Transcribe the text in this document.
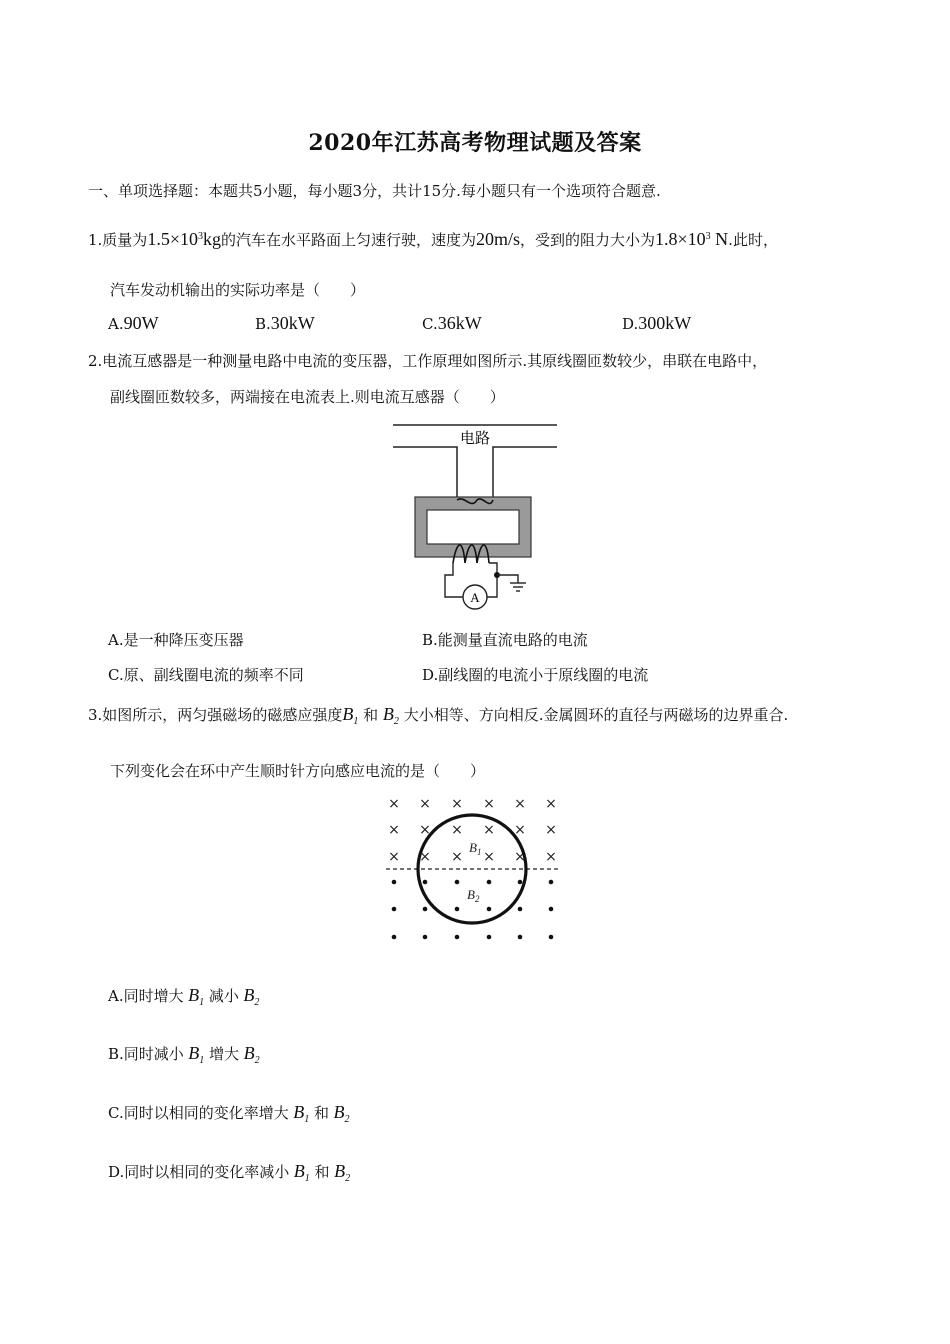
2020年江苏高考物理试题及答案
一、单项选择题：本题共5小题，每小题3分，共计15分.每小题只有一个选项符合题意.
1.质量为$1.5\times 10^3kg$的汽车在水平路面上匀速行驶，速度为20m/s，受到的阻力大小为$1.8\times 10^3$ N.此时，
汽车发动机输出的实际功率是（　　）
A.90W	B.30kW	C.36kW	D.300kW
2.电流互感器是一种测量电路中电流的变压器，工作原理如图所示.其原线圈匝数较少，串联在电路中，
副线圈匝数较多，两端接在电流表上.则电流互感器（　　）
电路
A
A.是一种降压变压器	B.能测量直流电路的电流
C.原、副线圈电流的频率不同	D.副线圈的电流小于原线圈的电流
3.如图所示，两匀强磁场的磁感应强度$B_1$ 和 $B_2$ 大小相等、方向相反.金属圆环的直径与两磁场的边界重合.
下列变化会在环中产生顺时针方向感应电流的是（　　）
× × × × × ×
× × × × × ×
× × × × × ×
$B_1$
$B_2$
A.同时增大 $B_1$ 减小 $B_2$
B.同时减小 $B_1$ 增大 $B_2$
C.同时以相同的变化率增大 $B_1$ 和 $B_2$
D.同时以相同的变化率减小 $B_1$ 和 $B_2$
